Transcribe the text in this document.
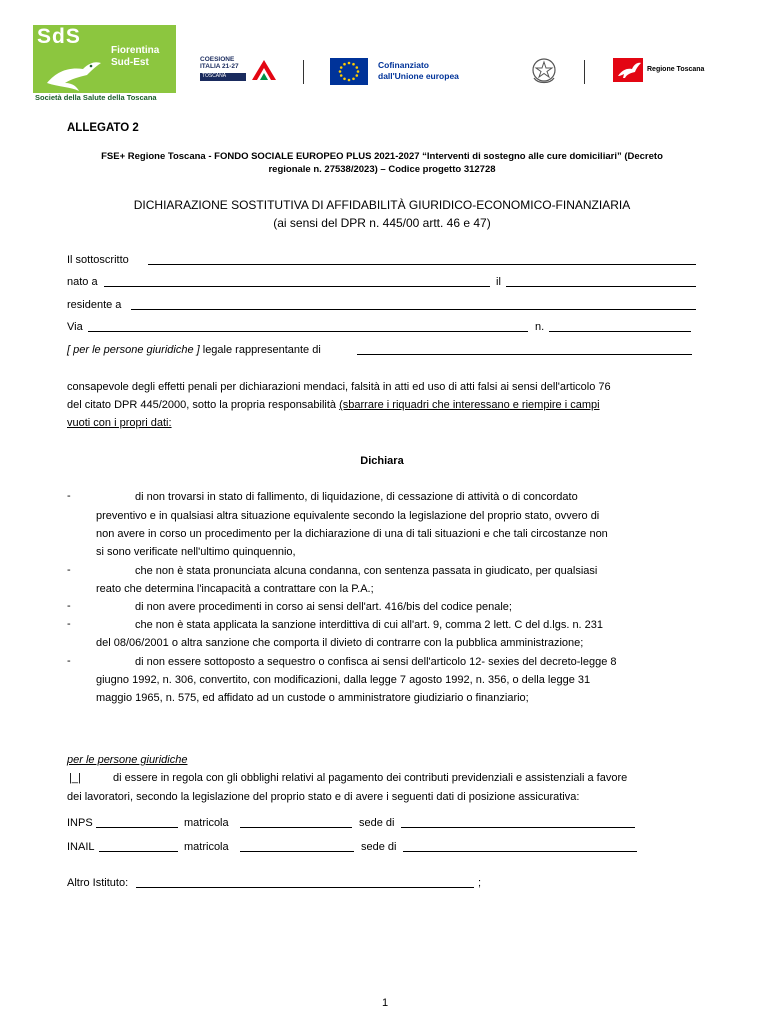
SdS
Fiorentina
Sud-Est
Società della Salute della Toscana
COESIONE
ITALIA 21-27
TOSCANA
Cofinanziato
dall'Unione europea
Regione Toscana
ALLEGATO 2
FSE+ Regione Toscana - FONDO SOCIALE EUROPEO PLUS 2021-2027 “Interventi di sostegno alle cure domiciliari” (Decreto
regionale n. 27538/2023) – Codice progetto 312728
DICHIARAZIONE SOSTITUTIVA DI AFFIDABILITÀ GIURIDICO-ECONOMICO-FINANZIARIA
(ai sensi del DPR n. 445/00 artt. 46 e 47)
Il sottoscritto
nato a	il
residente a
Via	n.
[ per le persone giuridiche ] legale rappresentante di
consapevole degli effetti penali per dichiarazioni mendaci, falsità in atti ed uso di atti falsi ai sensi dell'articolo 76
del citato DPR 445/2000, sotto la propria responsabilità (sbarrare i riquadri che interessano e riempire i campi
vuoti con i propri dati:
Dichiara
-	di non trovarsi in stato di fallimento, di liquidazione, di cessazione di attività o di concordato
preventivo e in qualsiasi altra situazione equivalente secondo la legislazione del proprio stato, ovvero di
non avere in corso un procedimento per la dichiarazione di una di tali situazioni e che tali circostanze non
si sono verificate nell'ultimo quinquennio,
-	che non è stata pronunciata alcuna condanna, con sentenza passata in giudicato, per qualsiasi
reato che determina l'incapacità a contrattare con la P.A.;
-	di non avere procedimenti in corso ai sensi dell'art. 416/bis del codice penale;
-	che non è stata applicata la sanzione interdittiva di cui all'art. 9, comma 2 lett. C del d.lgs. n. 231
del 08/06/2001 o altra sanzione che comporta il divieto di contrarre con la pubblica amministrazione;
-	di non essere sottoposto a sequestro o confisca ai sensi dell'articolo 12- sexies del decreto-legge 8
giugno 1992, n. 306, convertito, con modificazioni, dalla legge 7 agosto 1992, n. 356, o della legge 31
maggio 1965, n. 575, ed affidato ad un custode o amministratore giudiziario o finanziario;
per le persone giuridiche
|_|	di essere in regola con gli obblighi relativi al pagamento dei contributi previdenziali e assistenziali a favore
dei lavoratori, secondo la legislazione del proprio stato e di avere i seguenti dati di posizione assicurativa:
INPS	matricola	sede di
INAIL	matricola	sede di
Altro Istituto:	;
1
